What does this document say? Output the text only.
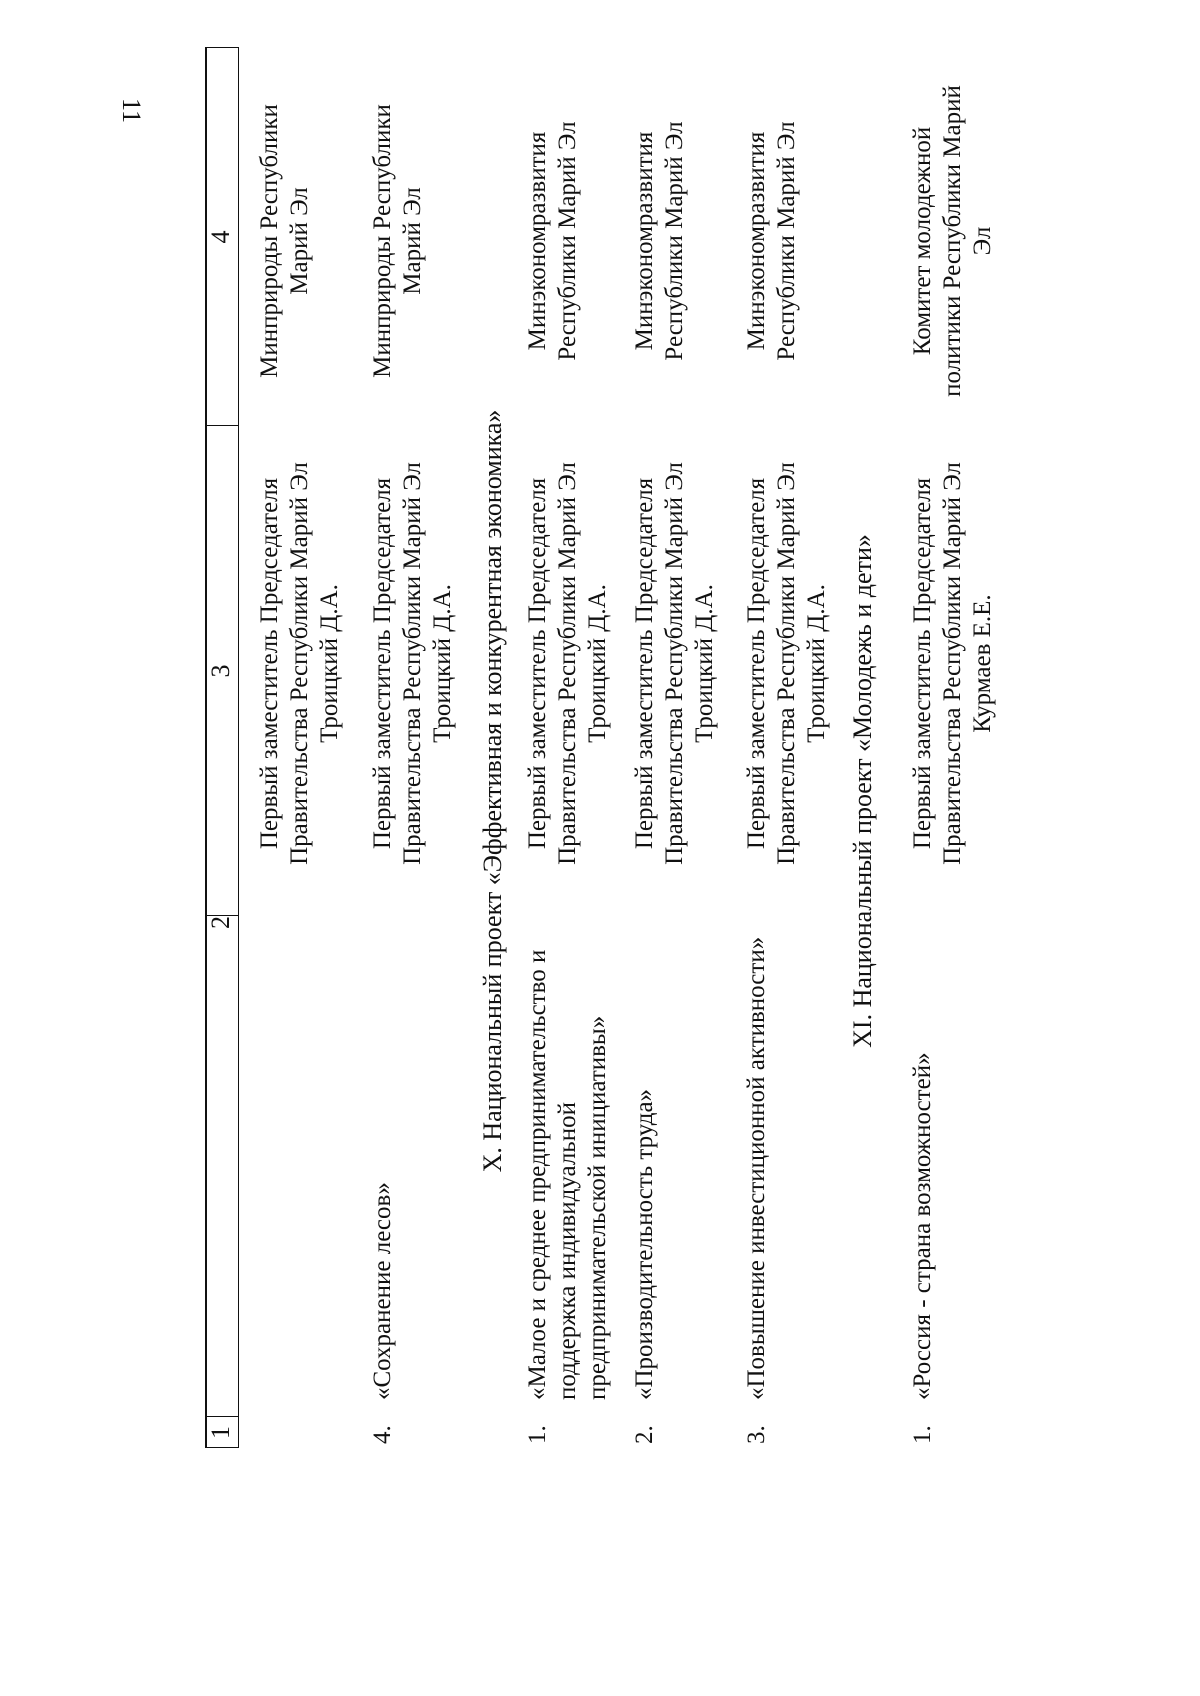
11
1
2
3
4
Первый заместитель Председателя Правительства Республики Марий Эл Троицкий Д.А.
Минприроды Республики Марий Эл
4.
«Сохранение лесов»
Первый заместитель Председателя Правительства Республики Марий Эл Троицкий Д.А.
Минприроды Республики Марий Эл
X. Национальный проект «Эффективная и конкурентная экономика»
1.
«Малое и среднее предпринимательство и поддержка индивидуальной предпринимательской инициативы»
Первый заместитель Председателя Правительства Республики Марий Эл Троицкий Д.А.
Минэкономразвития Республики Марий Эл
2.
«Производительность труда»
Первый заместитель Председателя Правительства Республики Марий Эл Троицкий Д.А.
Минэкономразвития Республики Марий Эл
3.
«Повышение инвестиционной активности»
Первый заместитель Председателя Правительства Республики Марий Эл Троицкий Д.А.
Минэкономразвития Республики Марий Эл
XI. Национальный проект «Молодежь и дети»
1.
«Россия - страна возможностей»
Первый заместитель Председателя Правительства Республики Марий Эл Курмаев Е.Е.
Комитет молодежной политики Республики Марий Эл
